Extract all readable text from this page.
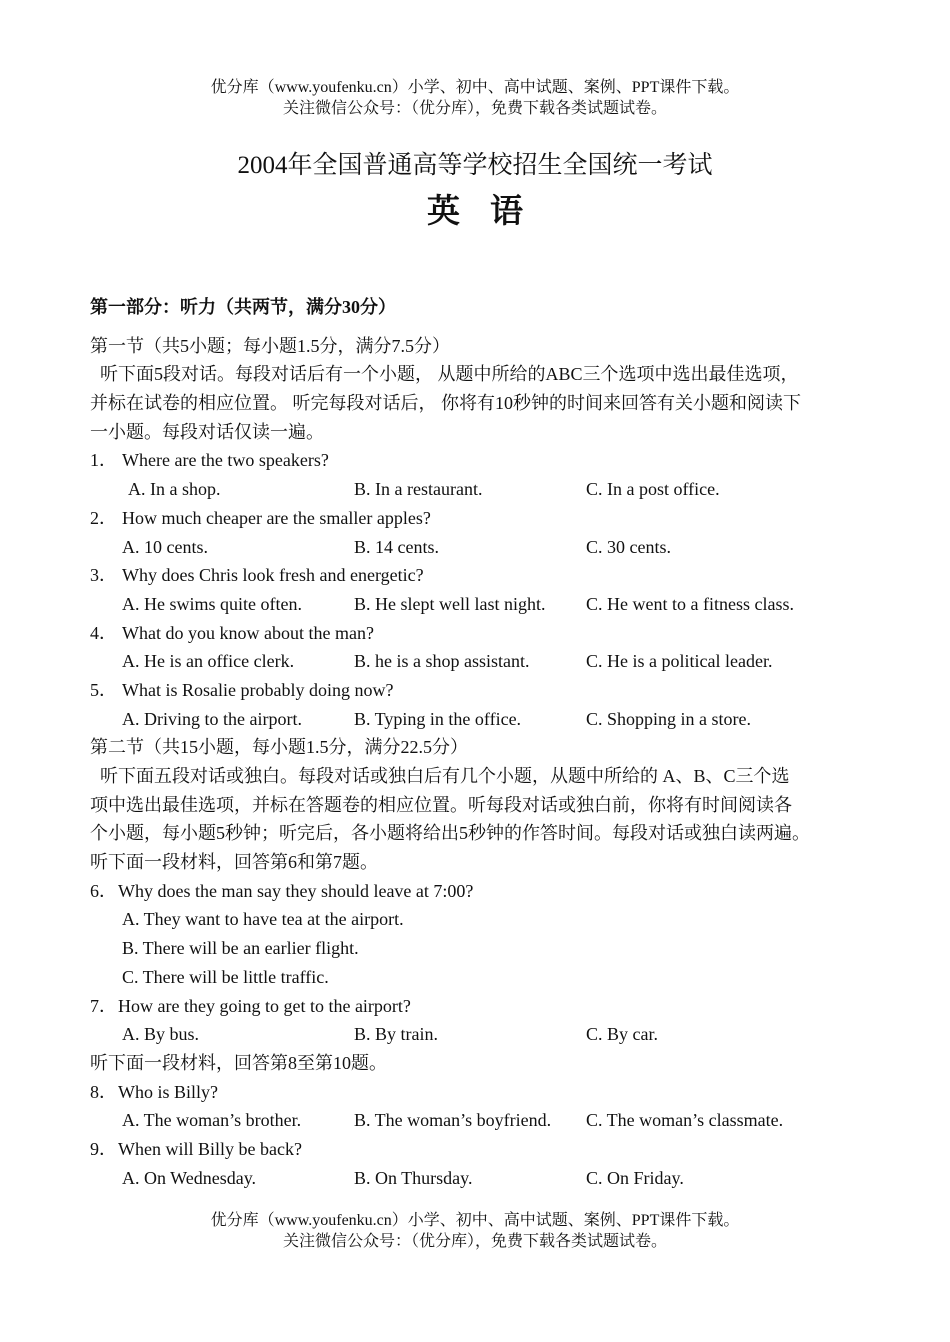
优分库（www.youfenku.cn）小学、初中、高中试题、案例、PPT课件下载。
关注微信公众号：（优分库），免费下载各类试题试卷。
2004年全国普通高等学校招生全国统一考试
英语
第一部分：听力（共两节，满分30分）
第一节（共5小题；每小题1.5分，满分7.5分）
听下面5段对话。每段对话后有一个小题， 从题中所给的ABC三个选项中选出最佳选项，
并标在试卷的相应位置。 听完每段对话后， 你将有10秒钟的时间来回答有关小题和阅读下
一小题。每段对话仅读一遍。
1． Where are the two speakers?
A. In a shop.	B. In a restaurant.	C. In a post office.
2． How much cheaper are the smaller apples?
A. 10 cents.	B. 14 cents.	C. 30 cents.
3． Why does Chris look fresh and energetic?
A. He swims quite often.	B. He slept well last night. C. He went to a fitness class.
4． What do you know about the man?
A. He is an office clerk.	B. he is a shop assistant.	C. He is a political leader.
5． What is Rosalie probably doing now?
A. Driving to the airport.	B. Typing in the office.	C. Shopping in a store.
第二节（共15小题，每小题1.5分，满分22.5分）
听下面五段对话或独白。每段对话或独白后有几个小题，从题中所给的 A、B、C三个选
项中选出最佳选项，并标在答题卷的相应位置。听每段对话或独白前，你将有时间阅读各
个小题，每小题5秒钟；听完后，各小题将给出5秒钟的作答时间。每段对话或独白读两遍。
听下面一段材料，回答第6和第7题。
6．Why does the man say they should leave at 7:00?
A. They want to have tea at the airport.
B. There will be an earlier flight.
C. There will be little traffic.
7．How are they going to get to the airport?
A. By bus.	B. By train.	C. By car.
听下面一段材料，回答第8至第10题。
8．Who is Billy?
A. The woman’s brother.	B. The woman’s boyfriend. C. The woman’s classmate.
9．When will Billy be back?
A. On Wednesday.	B. On Thursday.	C. On Friday.
优分库（www.youfenku.cn）小学、初中、高中试题、案例、PPT课件下载。
关注微信公众号：（优分库），免费下载各类试题试卷。
